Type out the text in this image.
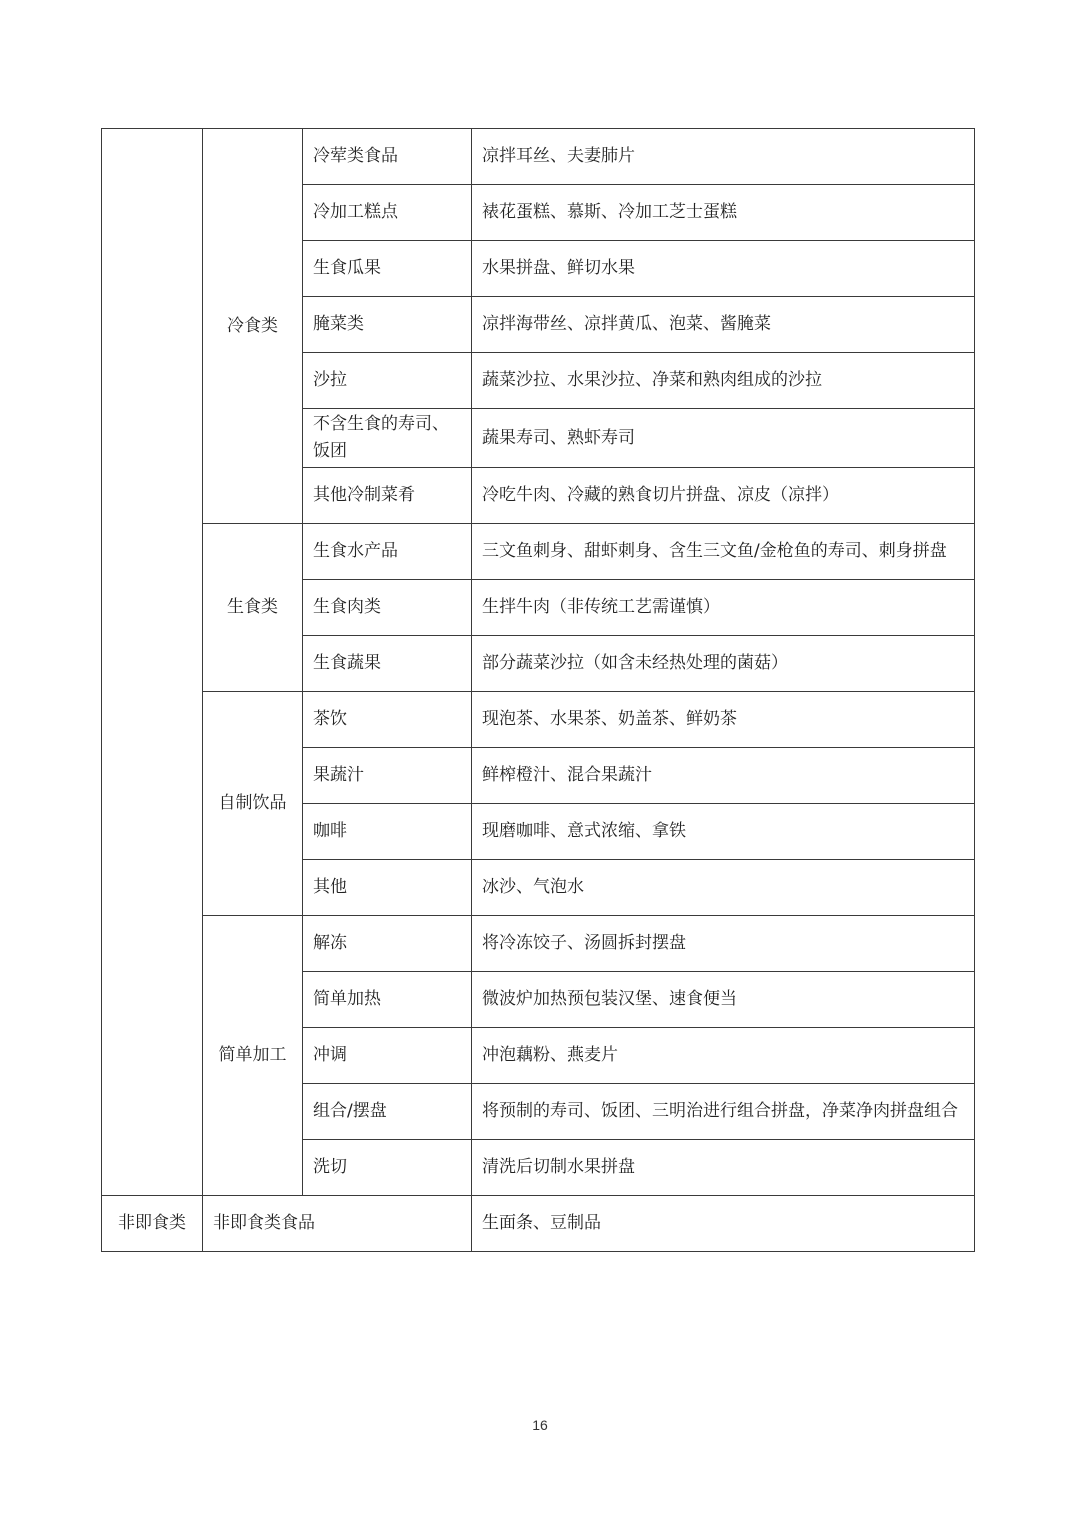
	冷食类	冷荤类食品	凉拌耳丝、夫妻肺片
		冷加工糕点	裱花蛋糕、慕斯、冷加工芝士蛋糕
		生食瓜果	水果拼盘、鲜切水果
		腌菜类	凉拌海带丝、凉拌黄瓜、泡菜、酱腌菜
		沙拉	蔬菜沙拉、水果沙拉、净菜和熟肉组成的沙拉
		不含生食的寿司、饭团	蔬果寿司、熟虾寿司
		其他冷制菜肴	冷吃牛肉、冷藏的熟食切片拼盘、凉皮（凉拌）
	生食类	生食水产品	三文鱼刺身、甜虾刺身、含生三文鱼/金枪鱼的寿司、刺身拼盘
		生食肉类	生拌牛肉（非传统工艺需谨慎）
		生食蔬果	部分蔬菜沙拉（如含未经热处理的菌菇）
	自制饮品	茶饮	现泡茶、水果茶、奶盖茶、鲜奶茶
		果蔬汁	鲜榨橙汁、混合果蔬汁
		咖啡	现磨咖啡、意式浓缩、拿铁
		其他	冰沙、气泡水
	简单加工	解冻	将冷冻饺子、汤圆拆封摆盘
		简单加热	微波炉加热预包装汉堡、速食便当
		冲调	冲泡藕粉、燕麦片
		组合/摆盘	将预制的寿司、饭团、三明治进行组合拼盘，净菜净肉拼盘组合
		洗切	清洗后切制水果拼盘
非即食类	非即食类食品		生面条、豆制品
16
